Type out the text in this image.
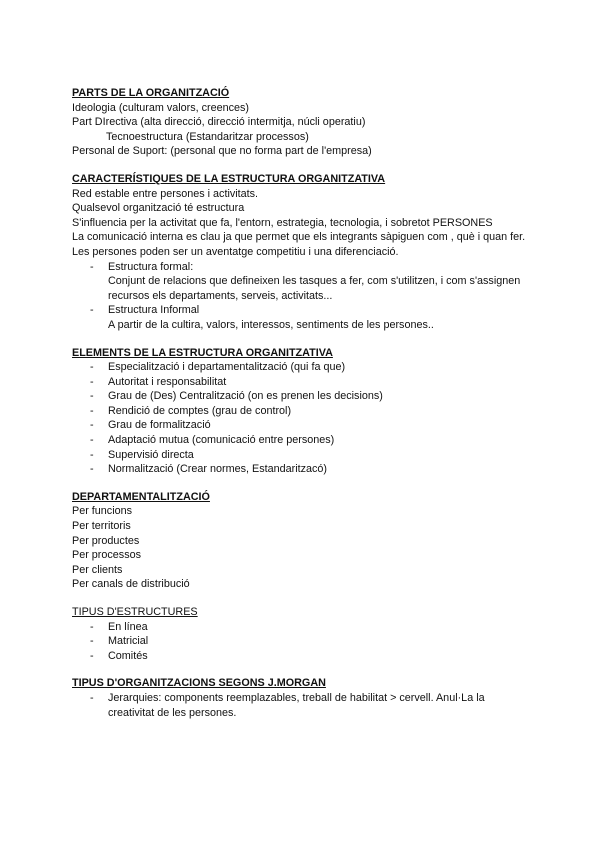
PARTS DE LA ORGANITZACIÓ

Ideologia (culturam valors, creences)

Part DIrectiva (alta direcció, direcció intermitja, núcli operatiu)

Tecnoestructura (Estandaritzar processos)

Personal de Suport: (personal que no forma part de l'empresa)

CARACTERÍSTIQUES DE LA ESTRUCTURA ORGANITZATIVA

Red estable entre persones i activitats.

Qualsevol organització té estructura

S'influencia per la activitat que fa, l'entorn, estrategia, tecnologia, i sobretot PERSONES

La comunicació interna es clau ja que permet que els integrants sàpiguen com , què i quan fer.

Les persones poden ser un aventatge competitiu i una diferenciació.

- Estructura formal:
Conjunt de relacions que defineixen les tasques a fer, com s'utilitzen, i com s'assignen recursos els departaments, serveis, activitats...
- Estructura Informal
A partir de la cultira, valors, interessos, sentiments de les persones..

ELEMENTS DE LA ESTRUCTURA ORGANITZATIVA

- Especialització i departamentalització (qui fa que)
- Autoritat i responsabilitat
- Grau de (Des) Centralització (on es prenen les decisions)
- Rendició de comptes (grau de control)
- Grau de formalització
- Adaptació mutua (comunicació entre persones)
- Supervisió directa
- Normalització (Crear normes, Estandaritzacó)

DEPARTAMENTALITZACIÓ

Per funcions

Per territoris

Per productes

Per processos

Per clients

Per canals de distribució

TIPUS D'ESTRUCTURES

- En línea
- Matricial
- Comités

TIPUS D'ORGANITZACIONS SEGONS J.MORGAN

- Jerarquies: components reemplazables, treball de habilitat > cervell. Anul·La la creativitat de les persones.
